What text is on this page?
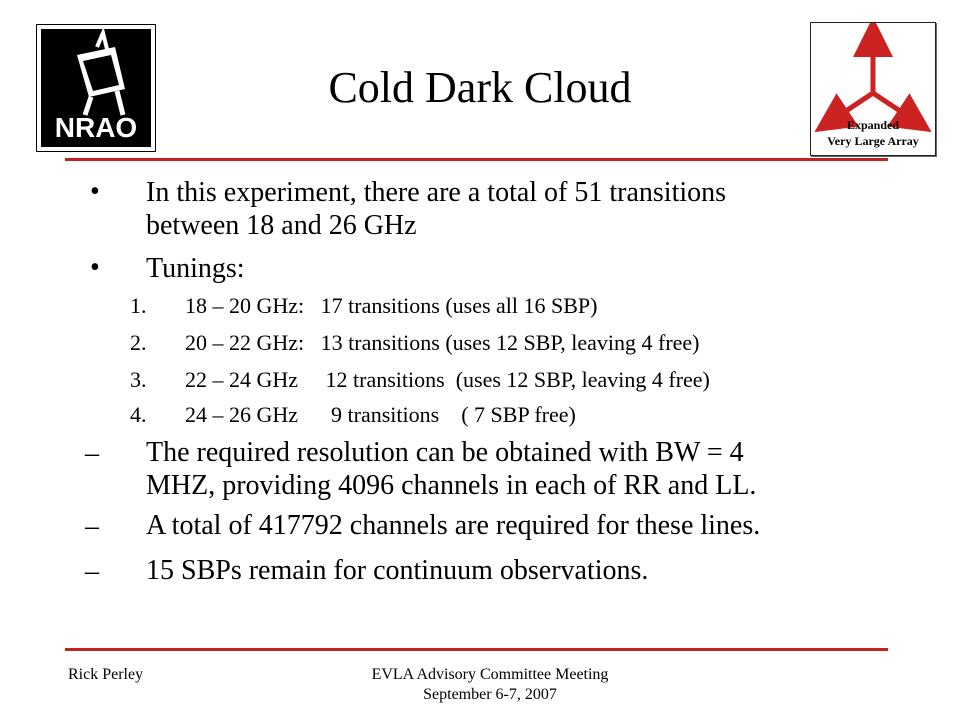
NRAO	Expanded
Very Large Array
Cold Dark Cloud
• In this experiment, there are a total of 51 transitions
between 18 and 26 GHz
• Tunings:
1. 18 – 20 GHz:   17 transitions (uses all 16 SBP)
2. 20 – 22 GHz:   13 transitions (uses 12 SBP, leaving 4 free)
3. 22 – 24 GHz     12 transitions  (uses 12 SBP, leaving 4 free)
4. 24 – 26 GHz      9 transitions    ( 7 SBP free)
– The required resolution can be obtained with BW = 4
MHZ, providing 4096 channels in each of RR and LL.
– A total of 417792 channels are required for these lines.
– 15 SBPs remain for continuum observations.
Rick Perley	EVLA Advisory Committee Meeting
September 6-7, 2007
